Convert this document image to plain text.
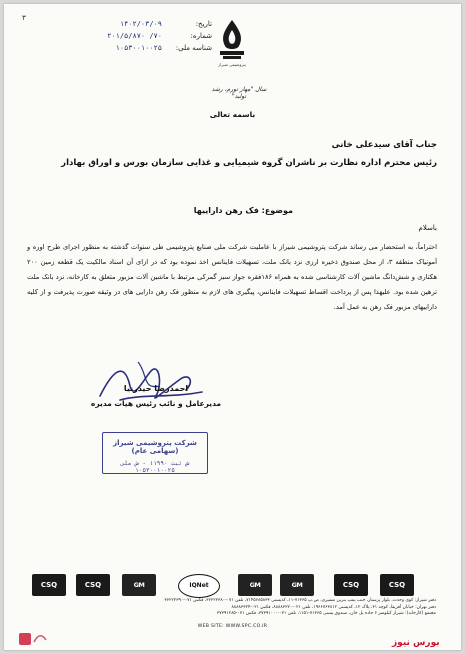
۳
تاریخ:
۱۴۰۲/۰۳/۰۹
شماره:
۲۰۱/۵/۸۷۰ /۷۰
شناسه ملی:
۱۰۵۳۰۰۱۰۰۲۵
پتروشیمی شیراز
سال "مهار تورم، رشد تولید"
باسمه تعالی
جناب آقای سیدعلی خانی
رئیس محترم اداره نظارت بر ناشران گروه شیمیایی و غذایی سازمان بورس و اوراق بهادار
موضوع: فک رهن داراییها
باسلام
احتراماً، به استحضار می رساند شرکت پتروشیمی شیراز با عاملیت شرکت ملی صنایع پتروشیمی طی سنوات گذشته به منظور اجرای طرح اوره و آمونیاک منطقه ۳، از محل صندوق ذخیره ارزی نزد بانک ملت، تسهیلات فاینانس اخذ نموده بود که در ازای آن اسناد مالکیت یک قطعه زمین ۲۰۰ هکتاری و شش‌دانگ ماشین آلات کارشناسی شده به همراه ۱۸۶فقره جواز سبز گمرکی مرتبط با ماشین آلات مزبور متعلق به کارخانه، نزد بانک ملت ترهین شده بود. علیهذا پس از پرداخت اقساط تسهیلات فاینانس، پیگیری های لازم به منظور فک رهن دارایی های در وثیقه صورت پذیرفت و از کلیه داراییهای مزبور فک رهن به عمل آمد.
احمدرضا حیدرنیا
مدیرعامل و نائب رئیس هیات مدیره
شرکت پتروشیمی شیراز (سهامی عام)
ش ثبت ۱۱۹۹۰ - ش ملی ۱۰۵۳۰۰۱۰۰۲۵
CSQ	CSQ	GM	IQNet	GM	GM	CSQ	CSQ
دفتر شیراز: کوی وحدت، بلوار پرستار، جنب پمپ بنزین مشیری، ص.پ ۷۱۳۶۵-۱۱، کدپستی ۷۱۴۵۶۸۵۸۳۳، تلفن ۰۷۱-۳۶۲۲۲۳۸۰، فکس ۰۷۱-۳۶۲۲۲۳۹۰
دفتر تهران: خیابان آفریقا، کوچه ۳۱، پلاک ۱۲، کدپستی ۱۹۶۶۷۶۳۸۱۲، تلفن ۰۲۱-۸۸۸۸۳۳۲۰، فکس ۰۲۱-۸۸۸۸۳۳۲۴
مجتمع (کارخانه): شیراز کیلومتر ۶ جاده پل خان، صندوق پستی ۷۱۳۶۵-۱۱۵۱، تلفن ۰۷۱-۳۷۳۹۱۰۰۰، فکس ۰۷۱-۳۷۳۹۱۲۸۵
WEB SITE: WWW.SPC.CO.IR
بورس نیوز
